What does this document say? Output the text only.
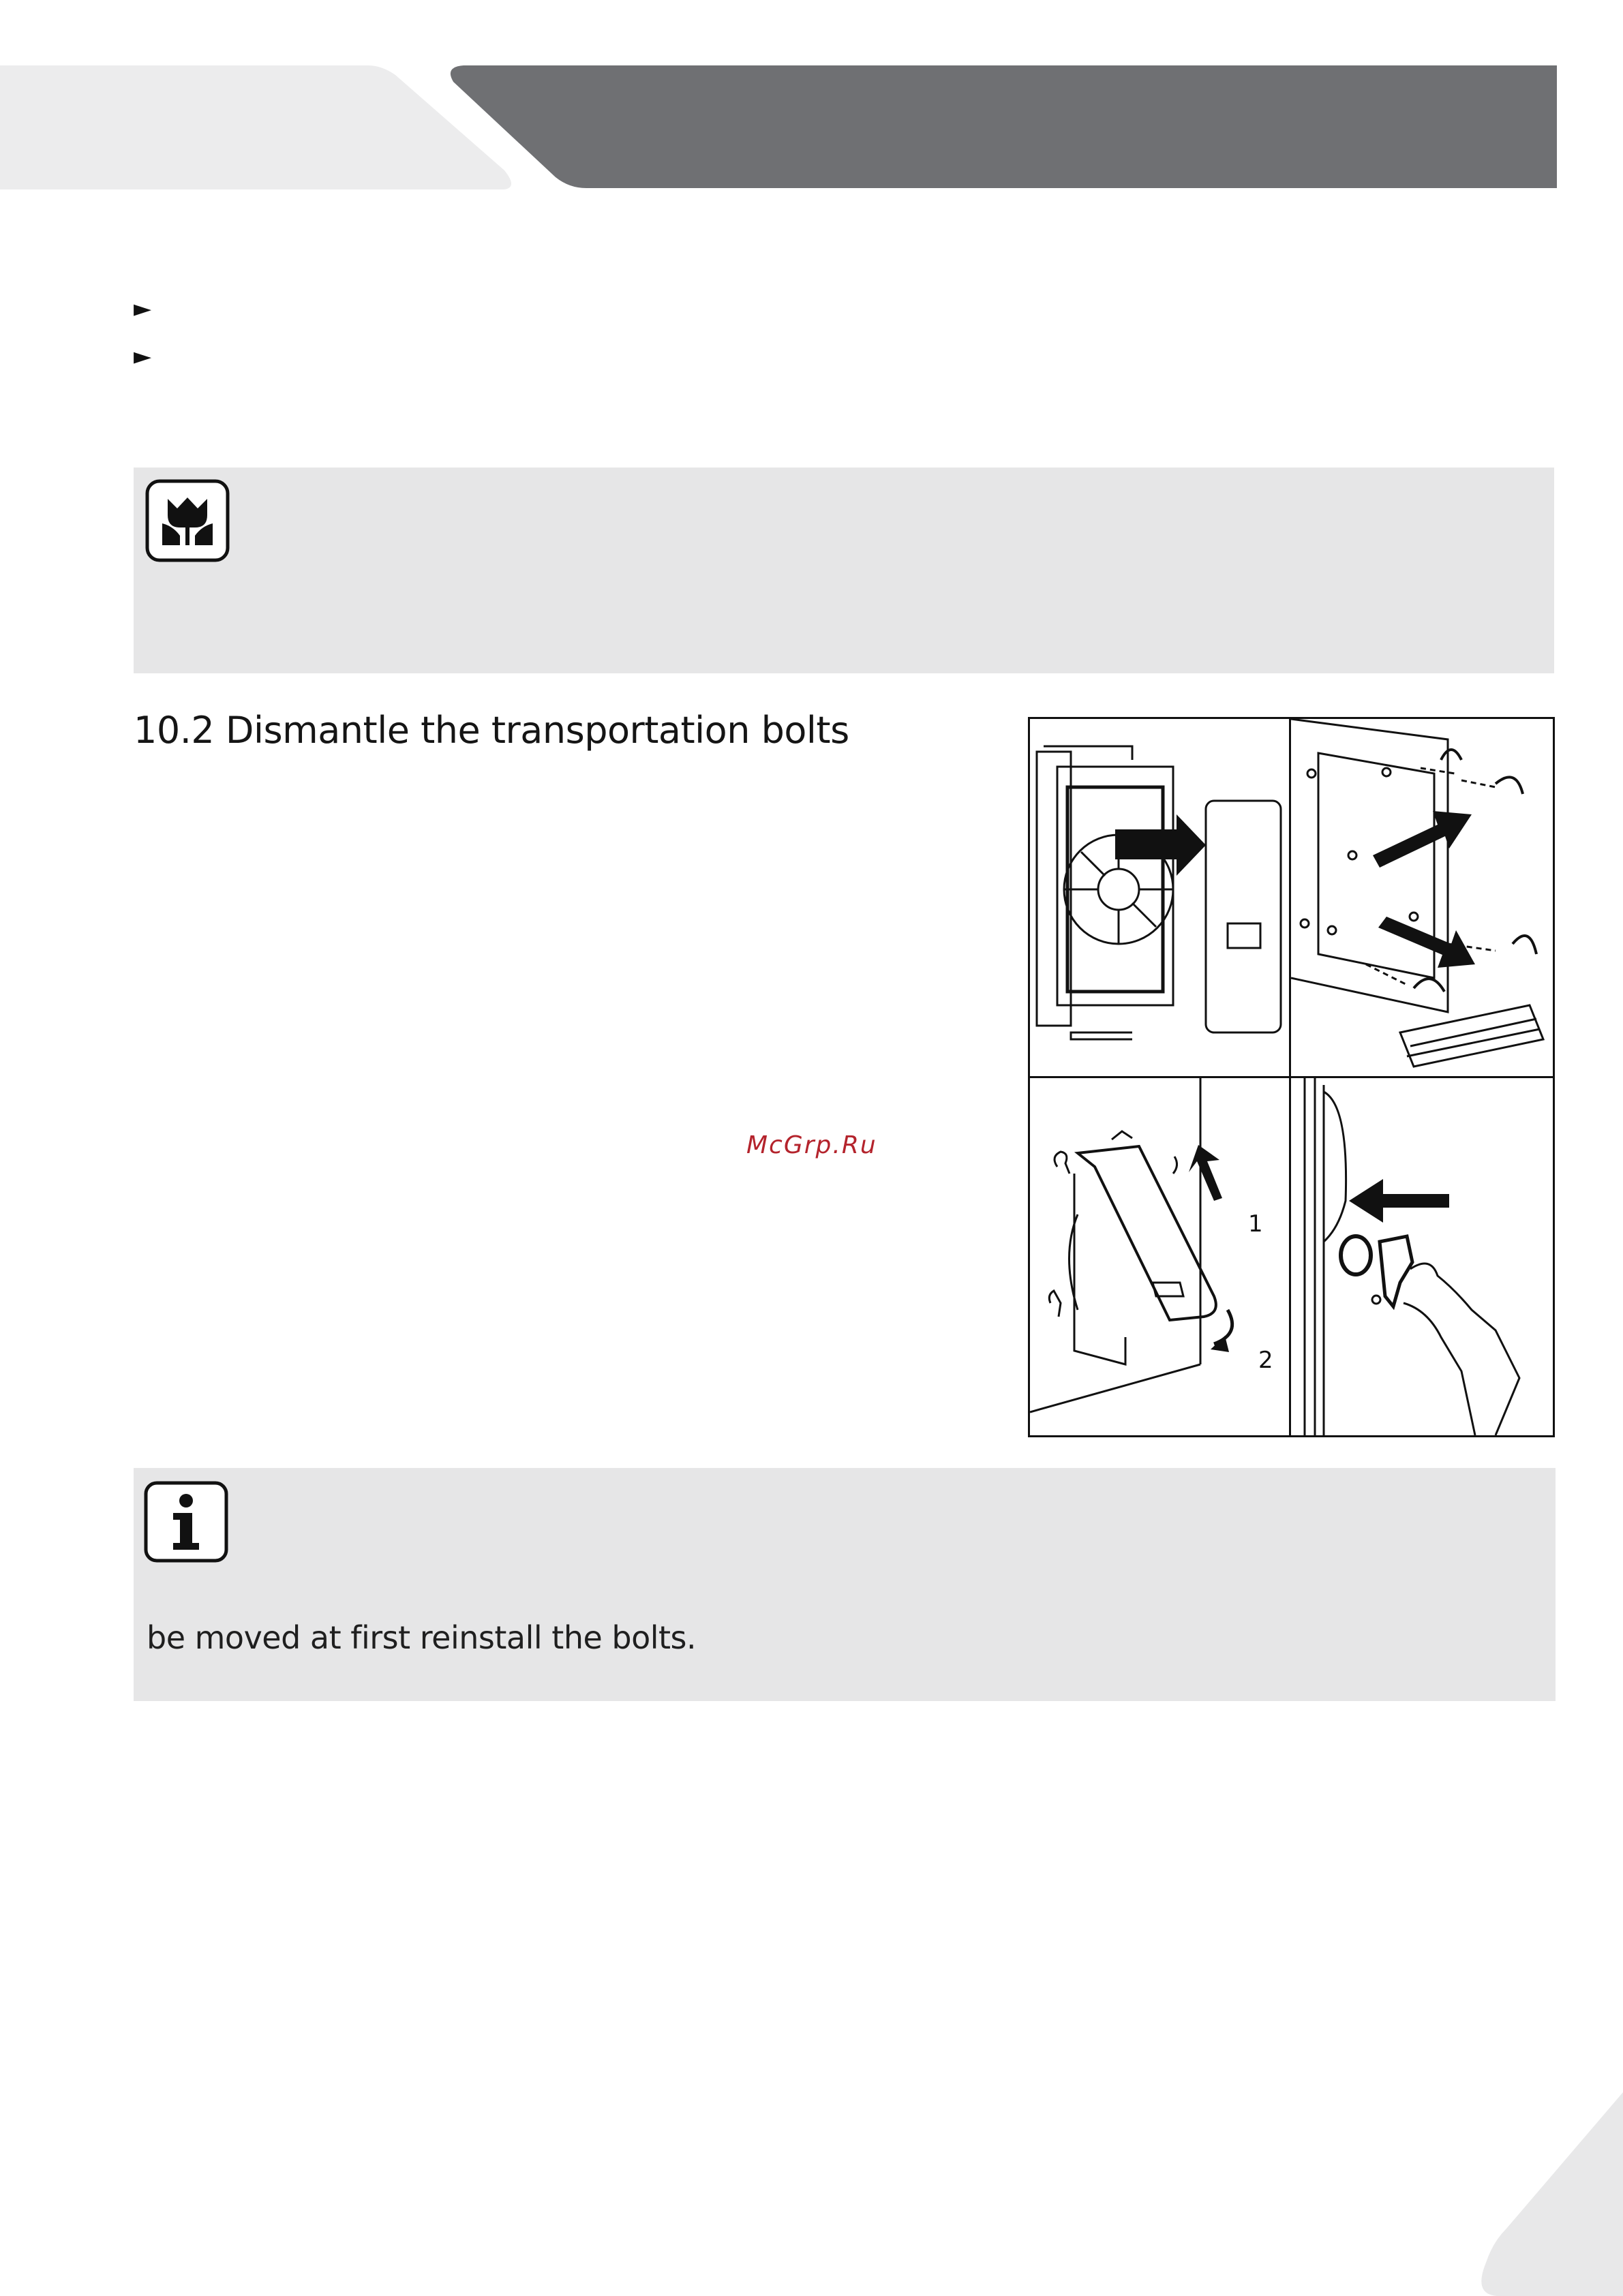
►
►
10.2 Dismantle the transportation bolts
1
2
McGrp.Ru
be moved at first reinstall the bolts.
